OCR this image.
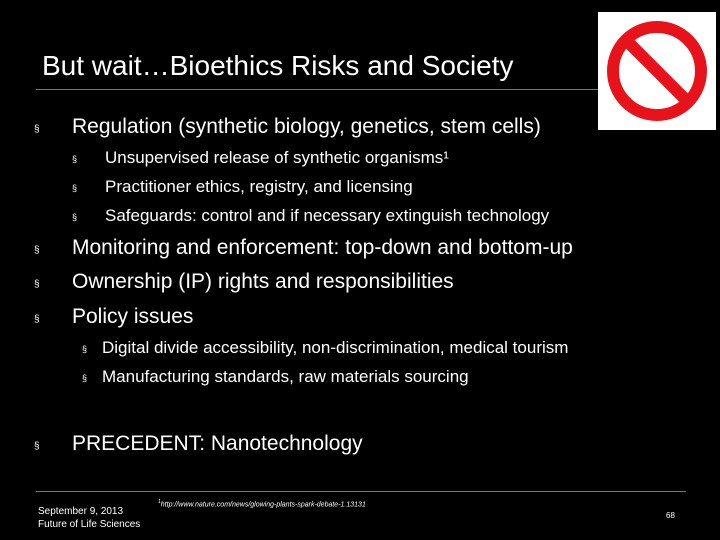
But wait…Bioethics Risks and Society
§ Regulation (synthetic biology, genetics, stem cells)
§ Unsupervised release of synthetic organisms¹
§ Practitioner ethics, registry, and licensing
§ Safeguards: control and if necessary extinguish technology
§ Monitoring and enforcement: top-down and bottom-up
§ Ownership (IP) rights and responsibilities
§ Policy issues
§ Digital divide accessibility, non-discrimination, medical tourism
§ Manufacturing standards, raw materials sourcing
§ PRECEDENT: Nanotechnology
September 9, 2013
Future of Life Sciences
$^1$http://www.nature.com/news/glowing-plants-spark-debate-1.13131
68
